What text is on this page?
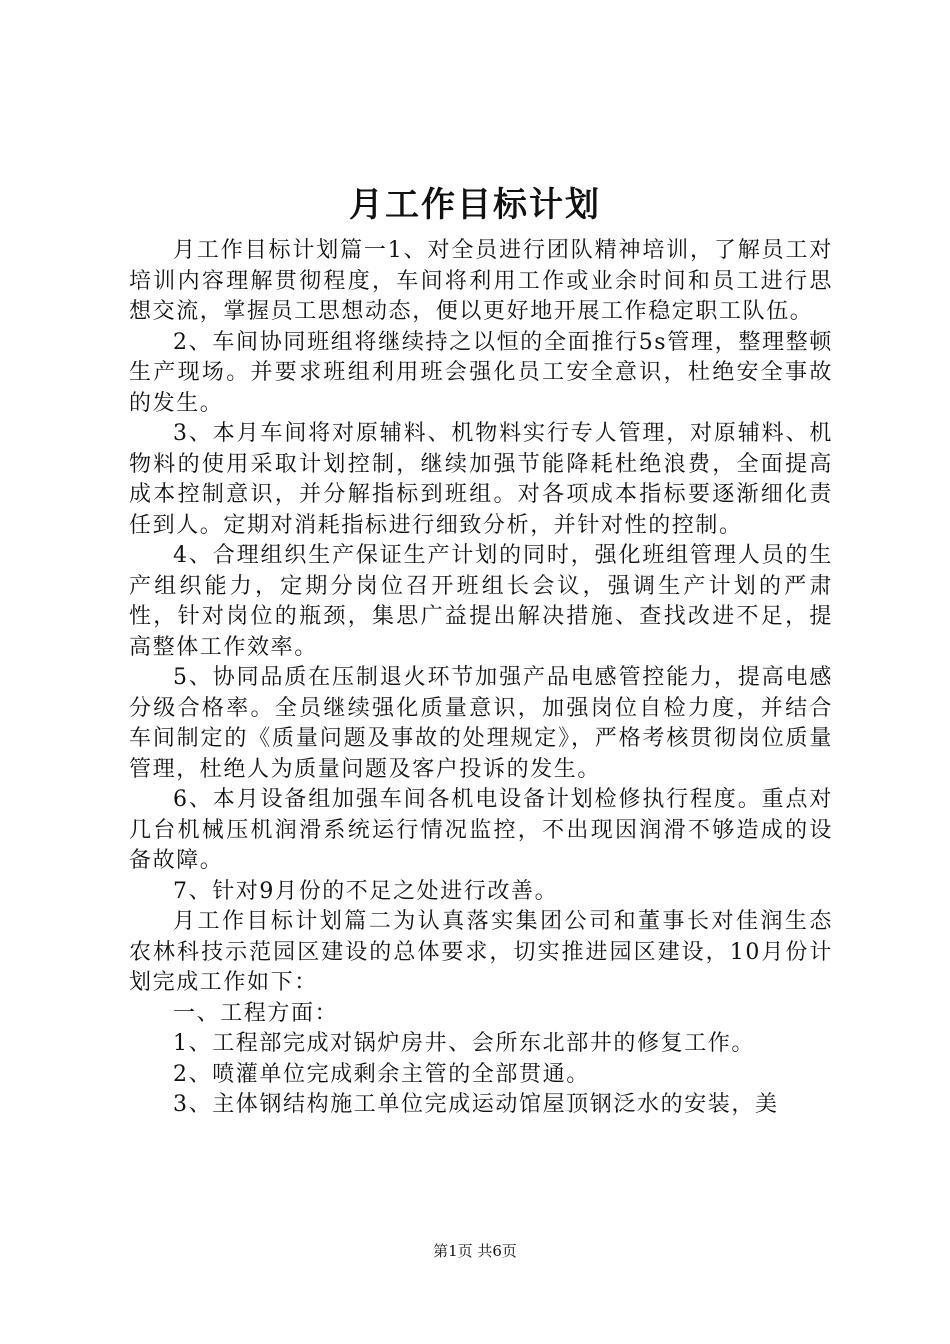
月工作目标计划

月工作目标计划篇一1、对全员进行团队精神培训，了解员工对培训内容理解贯彻程度，车间将利用工作或业余时间和员工进行思想交流，掌握员工思想动态，便以更好地开展工作稳定职工队伍。

2、车间协同班组将继续持之以恒的全面推行5s管理，整理整顿生产现场。并要求班组利用班会强化员工安全意识，杜绝安全事故的发生。

3、本月车间将对原辅料、机物料实行专人管理，对原辅料、机物料的使用采取计划控制，继续加强节能降耗杜绝浪费，全面提高成本控制意识，并分解指标到班组。对各项成本指标要逐渐细化责任到人。定期对消耗指标进行细致分析，并针对性的控制。

4、合理组织生产保证生产计划的同时，强化班组管理人员的生产组织能力，定期分岗位召开班组长会议，强调生产计划的严肃性，针对岗位的瓶颈，集思广益提出解决措施、查找改进不足，提高整体工作效率。

5、协同品质在压制退火环节加强产品电感管控能力，提高电感分级合格率。全员继续强化质量意识，加强岗位自检力度，并结合车间制定的《质量问题及事故的处理规定》，严格考核贯彻岗位质量管理，杜绝人为质量问题及客户投诉的发生。

6、本月设备组加强车间各机电设备计划检修执行程度。重点对几台机械压机润滑系统运行情况监控，不出现因润滑不够造成的设备故障。

7、针对9月份的不足之处进行改善。

月工作目标计划篇二为认真落实集团公司和董事长对佳润生态农林科技示范园区建设的总体要求，切实推进园区建设，10月份计划完成工作如下：

一、工程方面：

1、工程部完成对锅炉房井、会所东北部井的修复工作。

2、喷灌单位完成剩余主管的全部贯通。

3、主体钢结构施工单位完成运动馆屋顶钢泛水的安装，美

第1页 共6页
